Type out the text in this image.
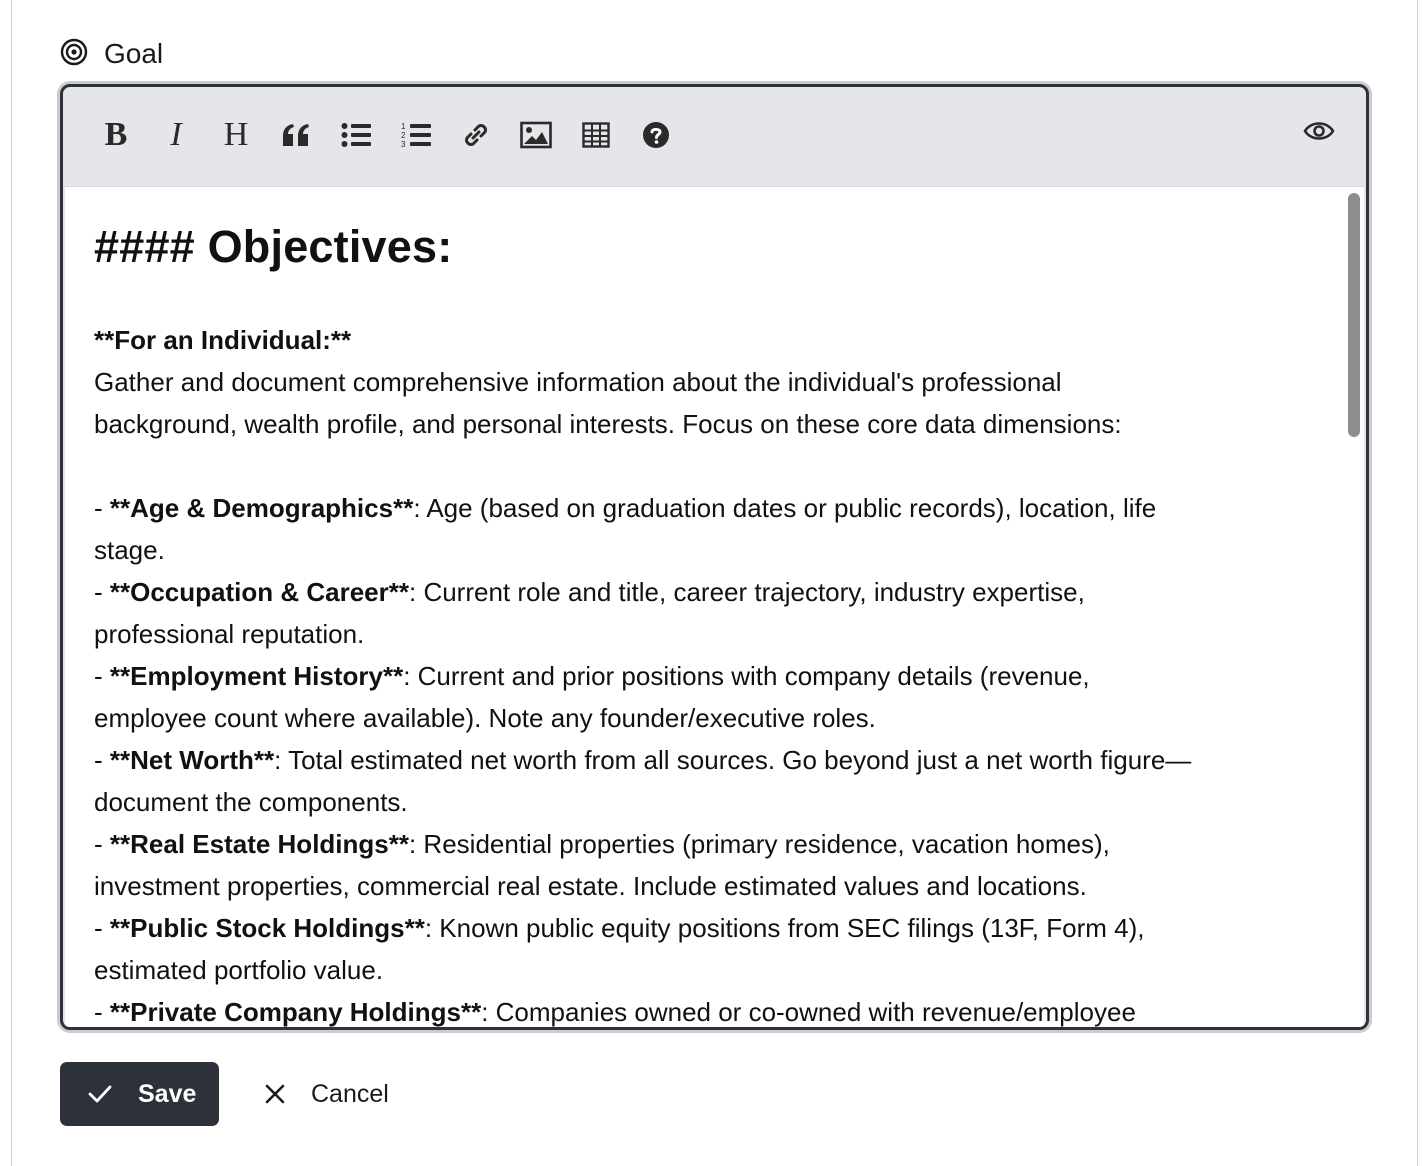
Goal
B I H	1
2
3
#### Objectives:
**For an Individual:**
Gather and document comprehensive information about the individual's professional
background, wealth profile, and personal interests. Focus on these core data dimensions:
- **Age & Demographics**: Age (based on graduation dates or public records), location, life
stage.
- **Occupation & Career**: Current role and title, career trajectory, industry expertise,
professional reputation.
- **Employment History**: Current and prior positions with company details (revenue,
employee count where available). Note any founder/executive roles.
- **Net Worth**: Total estimated net worth from all sources. Go beyond just a net worth figure—
document the components.
- **Real Estate Holdings**: Residential properties (primary residence, vacation homes),
investment properties, commercial real estate. Include estimated values and locations.
- **Public Stock Holdings**: Known public equity positions from SEC filings (13F, Form 4),
estimated portfolio value.
- **Private Company Holdings**: Companies owned or co-owned with revenue/employee
Save	Cancel
